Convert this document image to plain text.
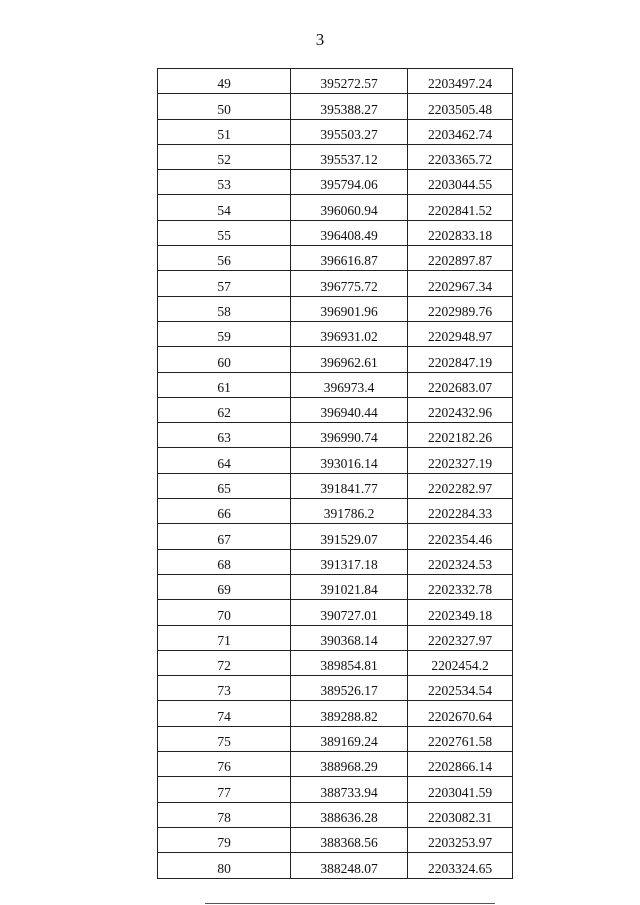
3
49	395272.57	2203497.24
50	395388.27	2203505.48
51	395503.27	2203462.74
52	395537.12	2203365.72
53	395794.06	2203044.55
54	396060.94	2202841.52
55	396408.49	2202833.18
56	396616.87	2202897.87
57	396775.72	2202967.34
58	396901.96	2202989.76
59	396931.02	2202948.97
60	396962.61	2202847.19
61	396973.4	2202683.07
62	396940.44	2202432.96
63	396990.74	2202182.26
64	393016.14	2202327.19
65	391841.77	2202282.97
66	391786.2	2202284.33
67	391529.07	2202354.46
68	391317.18	2202324.53
69	391021.84	2202332.78
70	390727.01	2202349.18
71	390368.14	2202327.97
72	389854.81	2202454.2
73	389526.17	2202534.54
74	389288.82	2202670.64
75	389169.24	2202761.58
76	388968.29	2202866.14
77	388733.94	2203041.59
78	388636.28	2203082.31
79	388368.56	2203253.97
80	388248.07	2203324.65
